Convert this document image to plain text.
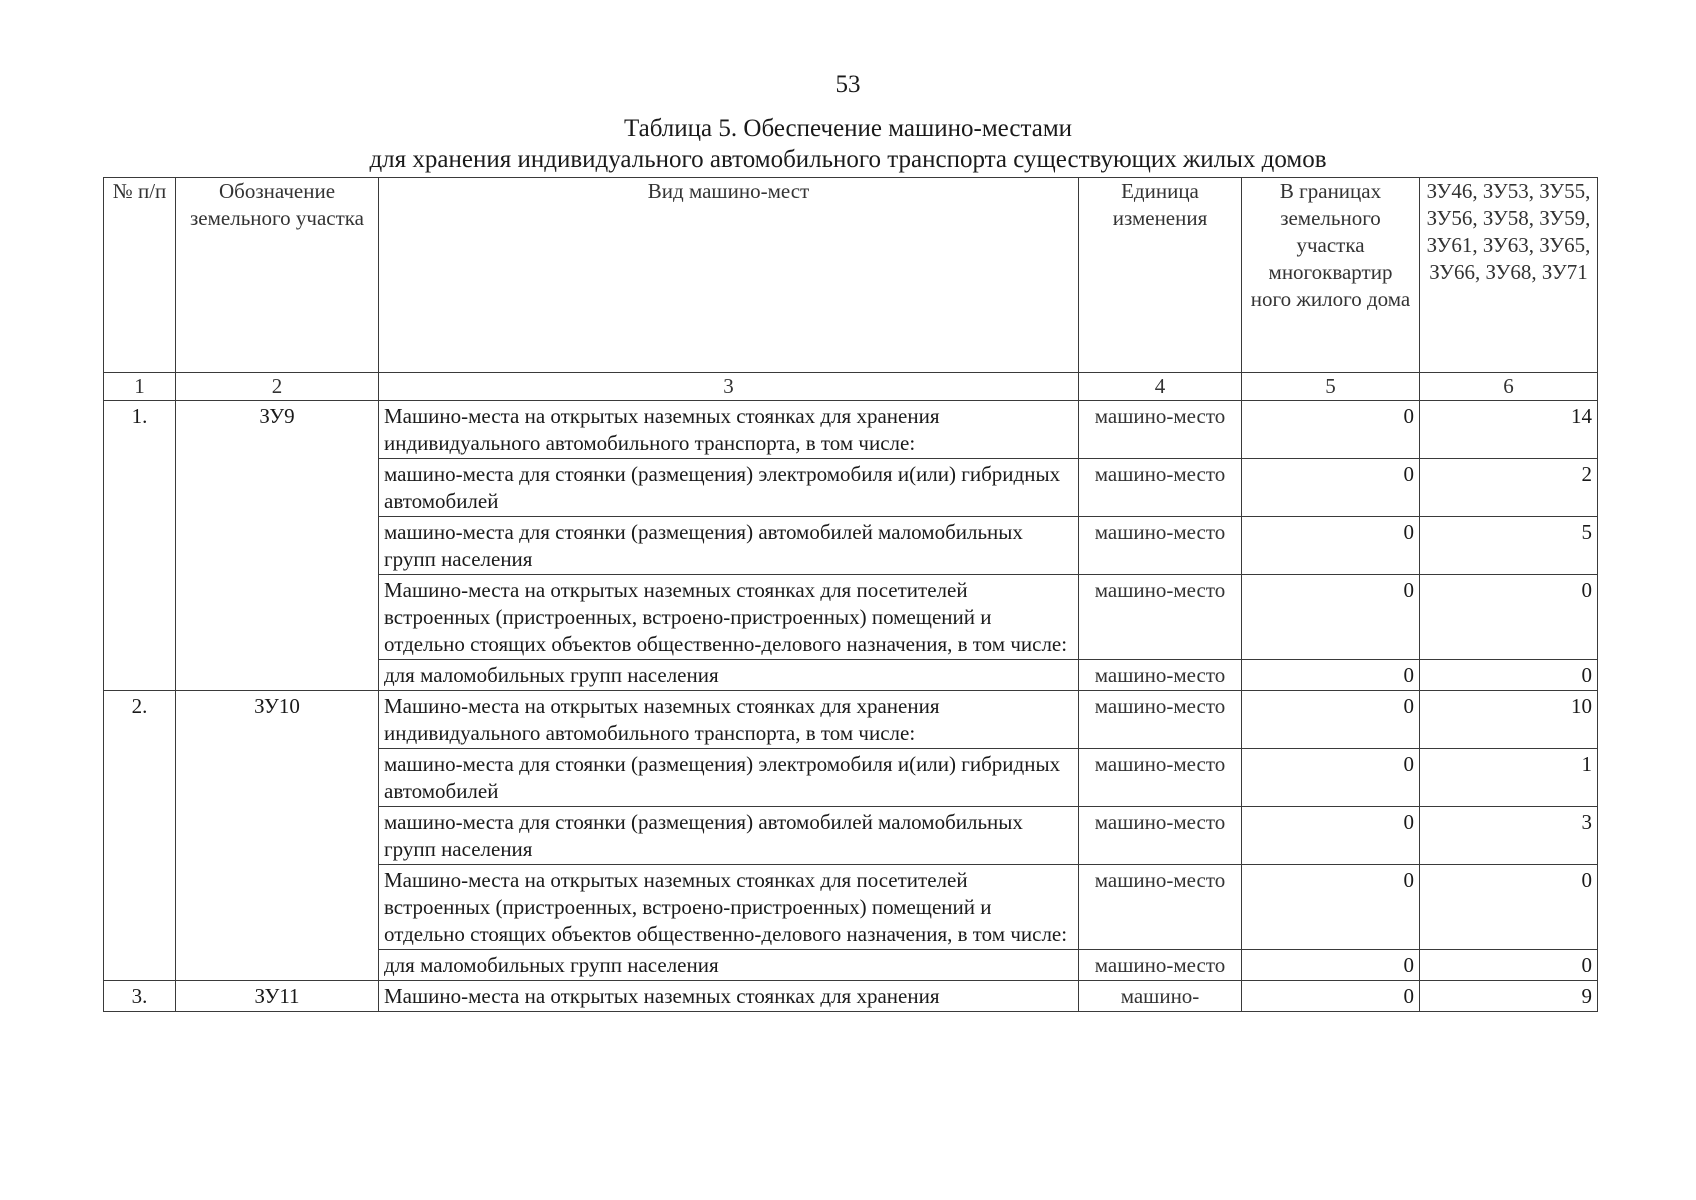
53
Таблица 5. Обеспечение машино-местами
для хранения индивидуального автомобильного транспорта существующих жилых домов
№ п/п	Обозначение земельного участка	Вид машино-мест	Единица изменения	В границах земельного участка многоквартир ного жилого дома	ЗУ46, ЗУ53, ЗУ55, ЗУ56, ЗУ58, ЗУ59, ЗУ61, ЗУ63, ЗУ65, ЗУ66, ЗУ68, ЗУ71
1	2	3	4	5	6
1.	ЗУ9	Машино-места на открытых наземных стоянках для хранения индивидуального автомобильного транспорта, в том числе:	машино-место	0	14
		машино-места для стоянки (размещения) электромобиля и(или) гибридных автомобилей	машино-место	0	2
		машино-места для стоянки (размещения) автомобилей маломобильных групп населения	машино-место	0	5
		Машино-места на открытых наземных стоянках для посетителей встроенных (пристроенных, встроено-пристроенных) помещений и отдельно стоящих объектов общественно-делового назначения, в том числе:	машино-место	0	0
		для маломобильных групп населения	машино-место	0	0
2.	ЗУ10	Машино-места на открытых наземных стоянках для хранения индивидуального автомобильного транспорта, в том числе:	машино-место	0	10
		машино-места для стоянки (размещения) электромобиля и(или) гибридных автомобилей	машино-место	0	1
		машино-места для стоянки (размещения) автомобилей маломобильных групп населения	машино-место	0	3
		Машино-места на открытых наземных стоянках для посетителей встроенных (пристроенных, встроено-пристроенных) помещений и отдельно стоящих объектов общественно-делового назначения, в том числе:	машино-место	0	0
		для маломобильных групп населения	машино-место	0	0
3.	ЗУ11	Машино-места на открытых наземных стоянках для хранения	машино-	0	9
